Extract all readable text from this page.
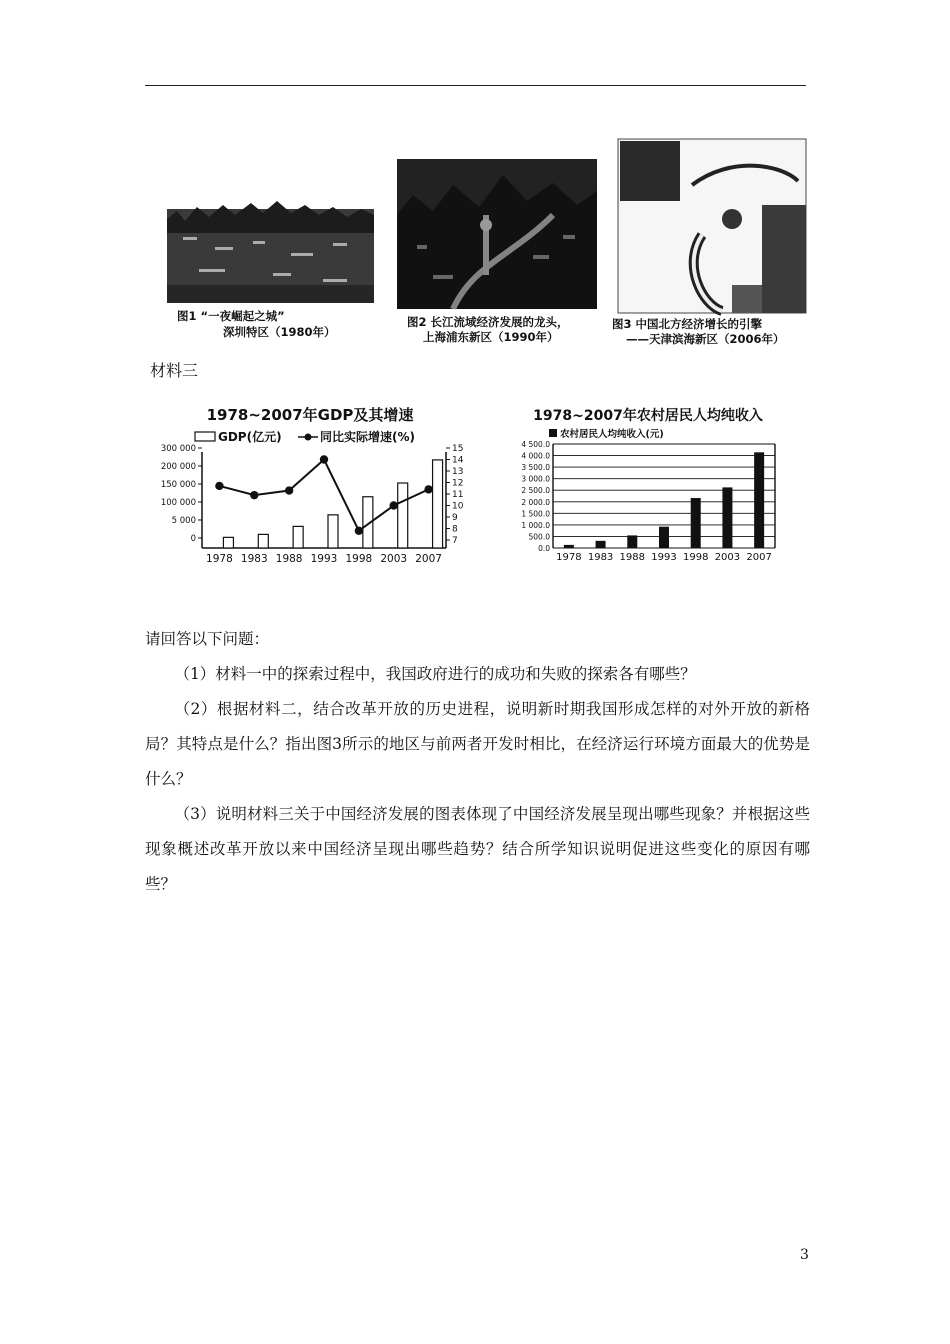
图1 “一夜崛起之城”
深圳特区（1980年）
图2 长江流域经济发展的龙头，
上海浦东新区（1990年）
图3 中国北方经济增长的引擎
——天津滨海新区（2006年）
材料三
1978~2007年GDP及其增速
GDP(亿元)	同比实际增速(%)
300 000
200 000
150 000
100 000
5 000
0
15
14
13
12
11
10
9
8
7
1978 1983 1988 1993 1998 2003 2007
1978~2007年农村居民人均纯收入
农村居民人均纯收入(元)
4 500.0
4 000.0
3 500.0
3 000.0
2 500.0
2 000.0
1 500.0
1 000.0
500.0
0.0
1978 1983 1988 1993 1998 2003 2007

请回答以下问题：

（1）材料一中的探索过程中，我国政府进行的成功和失败的探索各有哪些？

（2）根据材料二，结合改革开放的历史进程，说明新时期我国形成怎样的对外开放的新格局？其特点是什么？指出图3所示的地区与前两者开发时相比，在经济运行环境方面最大的优势是什么？

（3）说明材料三关于中国经济发展的图表体现了中国经济发展呈现出哪些现象？并根据这些现象概述改革开放以来中国经济呈现出哪些趋势？结合所学知识说明促进这些变化的原因有哪些？

3
